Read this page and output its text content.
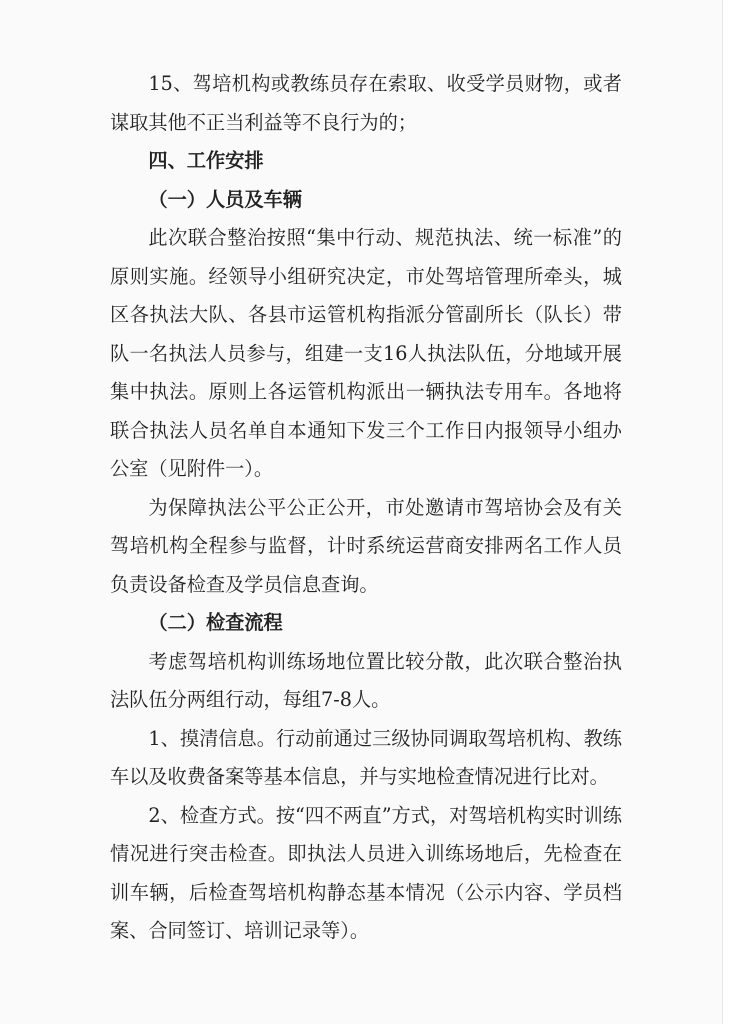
15、驾培机构或教练员存在索取、收受学员财物，或者谋取其他不正当利益等不良行为的；

四、工作安排

（一）人员及车辆

此次联合整治按照“集中行动、规范执法、统一标准”的原则实施。经领导小组研究决定，市处驾培管理所牵头，城区各执法大队、各县市运管机构指派分管副所长（队长）带队一名执法人员参与，组建一支16人执法队伍，分地域开展集中执法。原则上各运管机构派出一辆执法专用车。各地将联合执法人员名单自本通知下发三个工作日内报领导小组办公室（见附件一）。

为保障执法公平公正公开，市处邀请市驾培协会及有关驾培机构全程参与监督，计时系统运营商安排两名工作人员负责设备检查及学员信息查询。

（二）检查流程

考虑驾培机构训练场地位置比较分散，此次联合整治执法队伍分两组行动，每组7-8人。

1、摸清信息。行动前通过三级协同调取驾培机构、教练车以及收费备案等基本信息，并与实地检查情况进行比对。

2、检查方式。按“四不两直”方式，对驾培机构实时训练情况进行突击检查。即执法人员进入训练场地后，先检查在训车辆，后检查驾培机构静态基本情况（公示内容、学员档案、合同签订、培训记录等）。
